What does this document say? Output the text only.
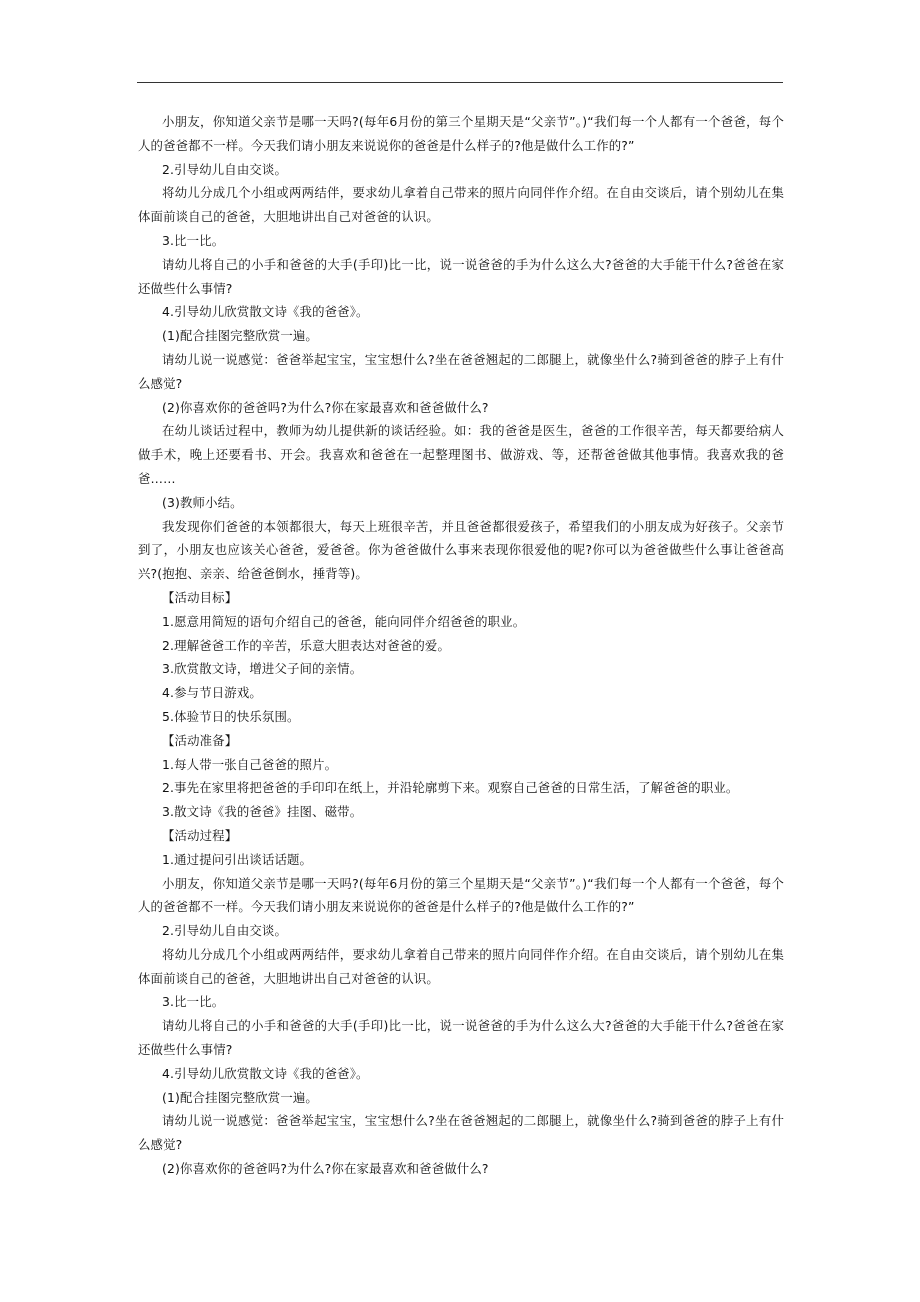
小朋友，你知道父亲节是哪一天吗?(每年6月份的第三个星期天是“父亲节”。)“我们每一个人都有一个爸爸，每个人的爸爸都不一样。今天我们请小朋友来说说你的爸爸是什么样子的?他是做什么工作的?”

2.引导幼儿自由交谈。

将幼儿分成几个小组或两两结伴，要求幼儿拿着自己带来的照片向同伴作介绍。在自由交谈后，请个别幼儿在集体面前谈自己的爸爸，大胆地讲出自己对爸爸的认识。

3.比一比。

请幼儿将自己的小手和爸爸的大手(手印)比一比，说一说爸爸的手为什么这么大?爸爸的大手能干什么?爸爸在家还做些什么事情?

4.引导幼儿欣赏散文诗《我的爸爸》。

(1)配合挂图完整欣赏一遍。

请幼儿说一说感觉：爸爸举起宝宝，宝宝想什么?坐在爸爸翘起的二郎腿上，就像坐什么?骑到爸爸的脖子上有什么感觉?

(2)你喜欢你的爸爸吗?为什么?你在家最喜欢和爸爸做什么?

在幼儿谈话过程中，教师为幼儿提供新的谈话经验。如：我的爸爸是医生，爸爸的工作很辛苦，每天都要给病人做手术，晚上还要看书、开会。我喜欢和爸爸在一起整理图书、做游戏、等，还帮爸爸做其他事情。我喜欢我的爸爸……

(3)教师小结。

我发现你们爸爸的本领都很大，每天上班很辛苦，并且爸爸都很爱孩子，希望我们的小朋友成为好孩子。父亲节到了，小朋友也应该关心爸爸，爱爸爸。你为爸爸做什么事来表现你很爱他的呢?你可以为爸爸做些什么事让爸爸高兴?(抱抱、亲亲、给爸爸倒水，捶背等)。

【活动目标】

1.愿意用简短的语句介绍自己的爸爸，能向同伴介绍爸爸的职业。

2.理解爸爸工作的辛苦，乐意大胆表达对爸爸的爱。

3.欣赏散文诗，增进父子间的亲情。

4.参与节日游戏。

5.体验节日的快乐氛围。

【活动准备】

1.每人带一张自己爸爸的照片。

2.事先在家里将把爸爸的手印印在纸上，并沿轮廓剪下来。观察自己爸爸的日常生活，了解爸爸的职业。

3.散文诗《我的爸爸》挂图、磁带。

【活动过程】

1.通过提问引出谈话话题。

小朋友，你知道父亲节是哪一天吗?(每年6月份的第三个星期天是“父亲节”。)“我们每一个人都有一个爸爸，每个人的爸爸都不一样。今天我们请小朋友来说说你的爸爸是什么样子的?他是做什么工作的?”

2.引导幼儿自由交谈。

将幼儿分成几个小组或两两结伴，要求幼儿拿着自己带来的照片向同伴作介绍。在自由交谈后，请个别幼儿在集体面前谈自己的爸爸，大胆地讲出自己对爸爸的认识。

3.比一比。

请幼儿将自己的小手和爸爸的大手(手印)比一比，说一说爸爸的手为什么这么大?爸爸的大手能干什么?爸爸在家还做些什么事情?

4.引导幼儿欣赏散文诗《我的爸爸》。

(1)配合挂图完整欣赏一遍。

请幼儿说一说感觉：爸爸举起宝宝，宝宝想什么?坐在爸爸翘起的二郎腿上，就像坐什么?骑到爸爸的脖子上有什么感觉?

(2)你喜欢你的爸爸吗?为什么?你在家最喜欢和爸爸做什么?
